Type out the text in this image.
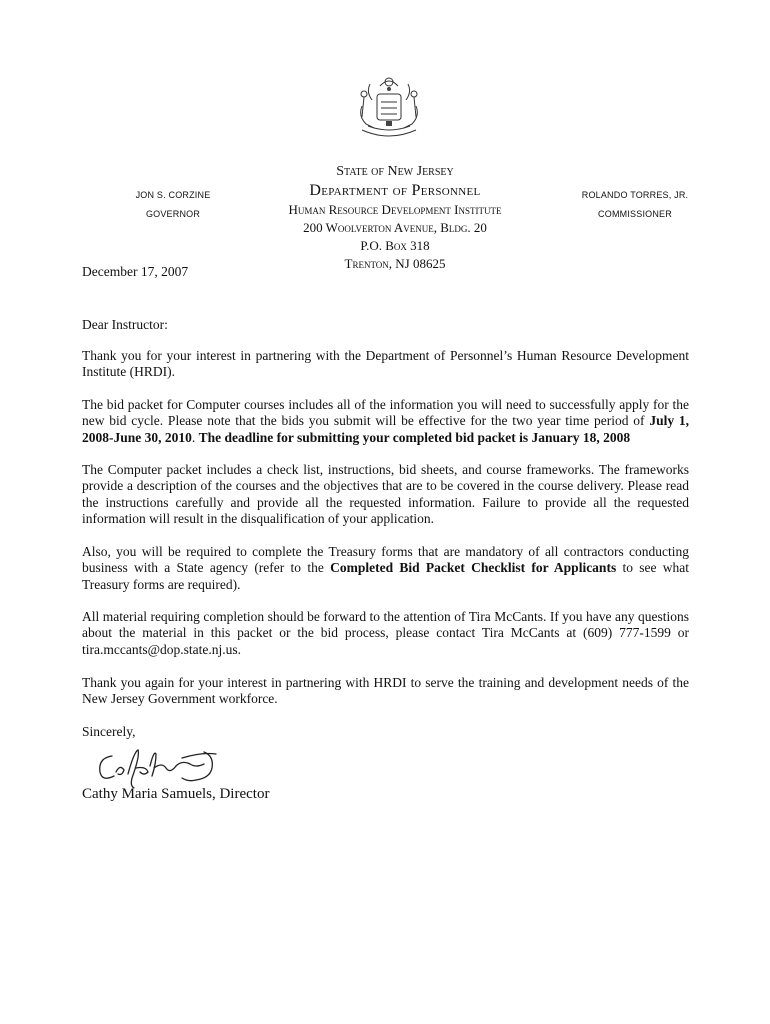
JON S. CORZINE
GOVERNOR
State of New Jersey
Department of Personnel
Human Resource Development Institute
200 Woolverton Avenue, Bldg. 20
P.O. Box 318
Trenton, NJ 08625
ROLANDO TORRES, JR.
COMMISSIONER
December 17, 2007
Dear Instructor:
Thank you for your interest in partnering with the Department of Personnel’s Human Resource Development Institute (HRDI).
The bid packet for Computer courses includes all of the information you will need to successfully apply for the new bid cycle. Please note that the bids you submit will be effective for the two year time period of July 1, 2008-June 30, 2010. The deadline for submitting your completed bid packet is January 18, 2008
The Computer packet includes a check list, instructions, bid sheets, and course frameworks. The frameworks provide a description of the courses and the objectives that are to be covered in the course delivery. Please read the instructions carefully and provide all the requested information. Failure to provide all the requested information will result in the disqualification of your application.
Also, you will be required to complete the Treasury forms that are mandatory of all contractors conducting business with a State agency (refer to the Completed Bid Packet Checklist for Applicants to see what Treasury forms are required).
All material requiring completion should be forward to the attention of Tira McCants. If you have any questions about the material in this packet or the bid process, please contact Tira McCants at (609) 777-1599 or tira.mccants@dop.state.nj.us.
Thank you again for your interest in partnering with HRDI to serve the training and development needs of the New Jersey Government workforce.
Sincerely,
Cathy Maria Samuels, Director
